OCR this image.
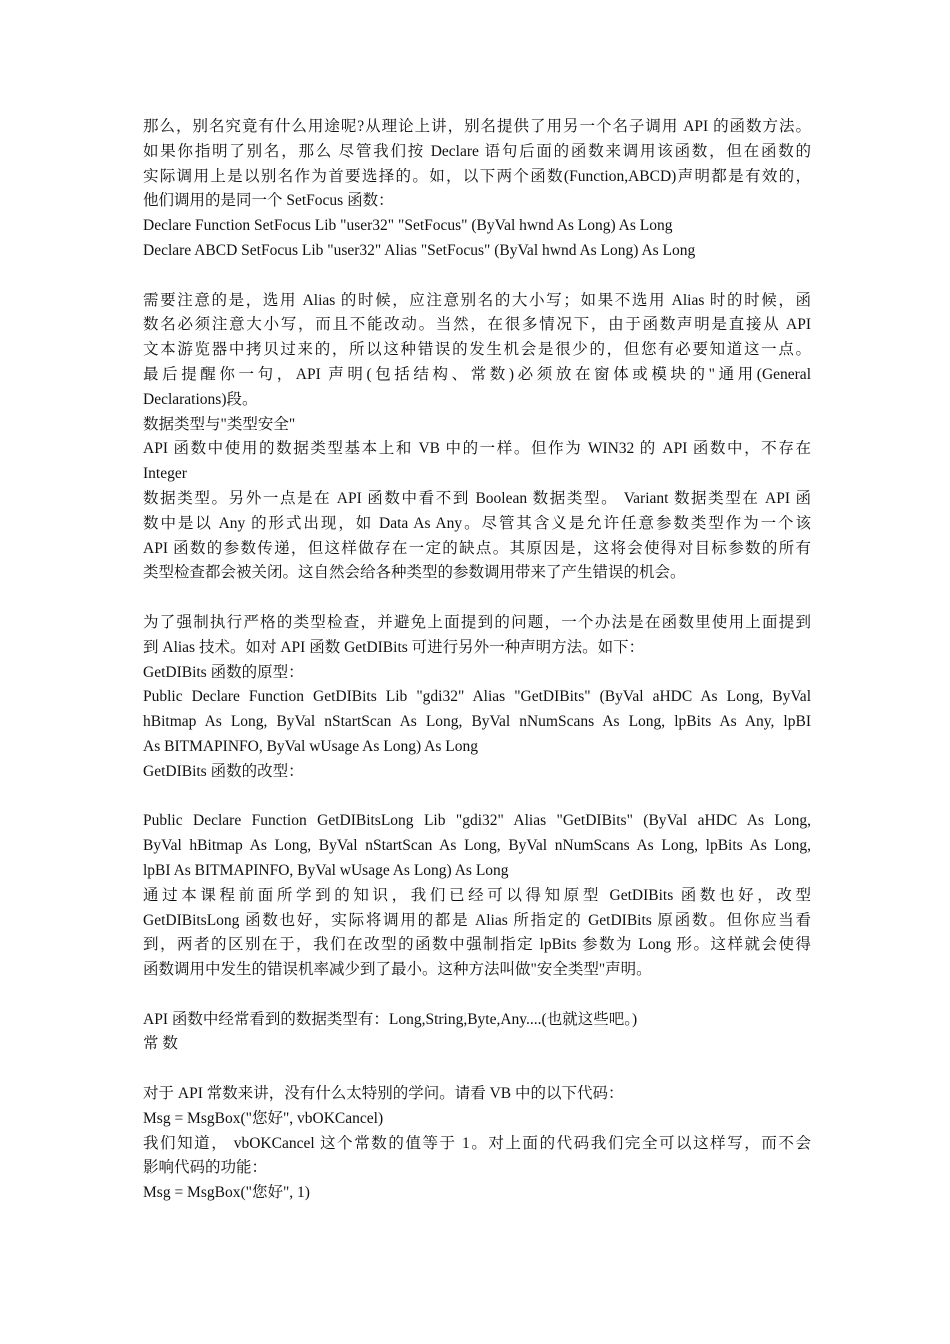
那么，别名究竟有什么用途呢?从理论上讲，别名提供了用另一个名子调用 API 的函数方法。
如果你指明了别名，那么 尽管我们按 Declare 语句后面的函数来调用该函数，但在函数的
实际调用上是以别名作为首要选择的。如，以下两个函数(Function,ABCD)声明都是有效的，
他们调用的是同一个 SetFocus 函数：
Declare Function SetFocus Lib "user32" "SetFocus" (ByVal hwnd As Long) As Long
Declare ABCD SetFocus Lib "user32" Alias "SetFocus" (ByVal hwnd As Long) As Long
需要注意的是，选用 Alias 的时候，应注意别名的大小写；如果不选用 Alias 时的时候，函
数名必须注意大小写，而且不能改动。当然，在很多情况下，由于函数声明是直接从 API
文本游览器中拷贝过来的，所以这种错误的发生机会是很少的，但您有必要知道这一点。
最后提醒你一句，API 声明(包括结构、常数)必须放在窗体或模块的"通用(General
Declarations)段。
数据类型与"类型安全"
API 函数中使用的数据类型基本上和 VB 中的一样。但作为 WIN32 的 API 函数中，不存在
Integer
数据类型。另外一点是在 API 函数中看不到 Boolean 数据类型。 Variant 数据类型在 API 函
数中是以 Any 的形式出现，如 Data As Any。尽管其含义是允许任意参数类型作为一个该
API 函数的参数传递，但这样做存在一定的缺点。其原因是，这将会使得对目标参数的所有
类型检查都会被关闭。这自然会给各种类型的参数调用带来了产生错误的机会。
为了强制执行严格的类型检查，并避免上面提到的问题，一个办法是在函数里使用上面提到
到 Alias 技术。如对 API 函数 GetDIBits 可进行另外一种声明方法。如下：
GetDIBits 函数的原型：
Public Declare Function GetDIBits Lib "gdi32" Alias "GetDIBits" (ByVal aHDC As Long, ByVal
hBitmap As Long, ByVal nStartScan As Long, ByVal nNumScans As Long, lpBits As Any, lpBI
As BITMAPINFO, ByVal wUsage As Long) As Long
GetDIBits 函数的改型：
Public Declare Function GetDIBitsLong Lib "gdi32" Alias "GetDIBits" (ByVal aHDC As Long,
ByVal hBitmap As Long, ByVal nStartScan As Long, ByVal nNumScans As Long, lpBits As Long,
lpBI As BITMAPINFO, ByVal wUsage As Long) As Long
通过本课程前面所学到的知识，我们已经可以得知原型 GetDIBits 函数也好，改型
GetDIBitsLong 函数也好，实际将调用的都是 Alias 所指定的 GetDIBits 原函数。但你应当看
到，两者的区别在于，我们在改型的函数中强制指定 lpBits 参数为 Long 形。这样就会使得
函数调用中发生的错误机率减少到了最小。这种方法叫做"安全类型"声明。
API 函数中经常看到的数据类型有：Long,String,Byte,Any....(也就这些吧。)
常 数
对于 API 常数来讲，没有什么太特别的学问。请看 VB 中的以下代码：
Msg = MsgBox("您好", vbOKCancel)
我们知道， vbOKCancel 这个常数的值等于 1。对上面的代码我们完全可以这样写，而不会
影响代码的功能：
Msg = MsgBox("您好", 1)
